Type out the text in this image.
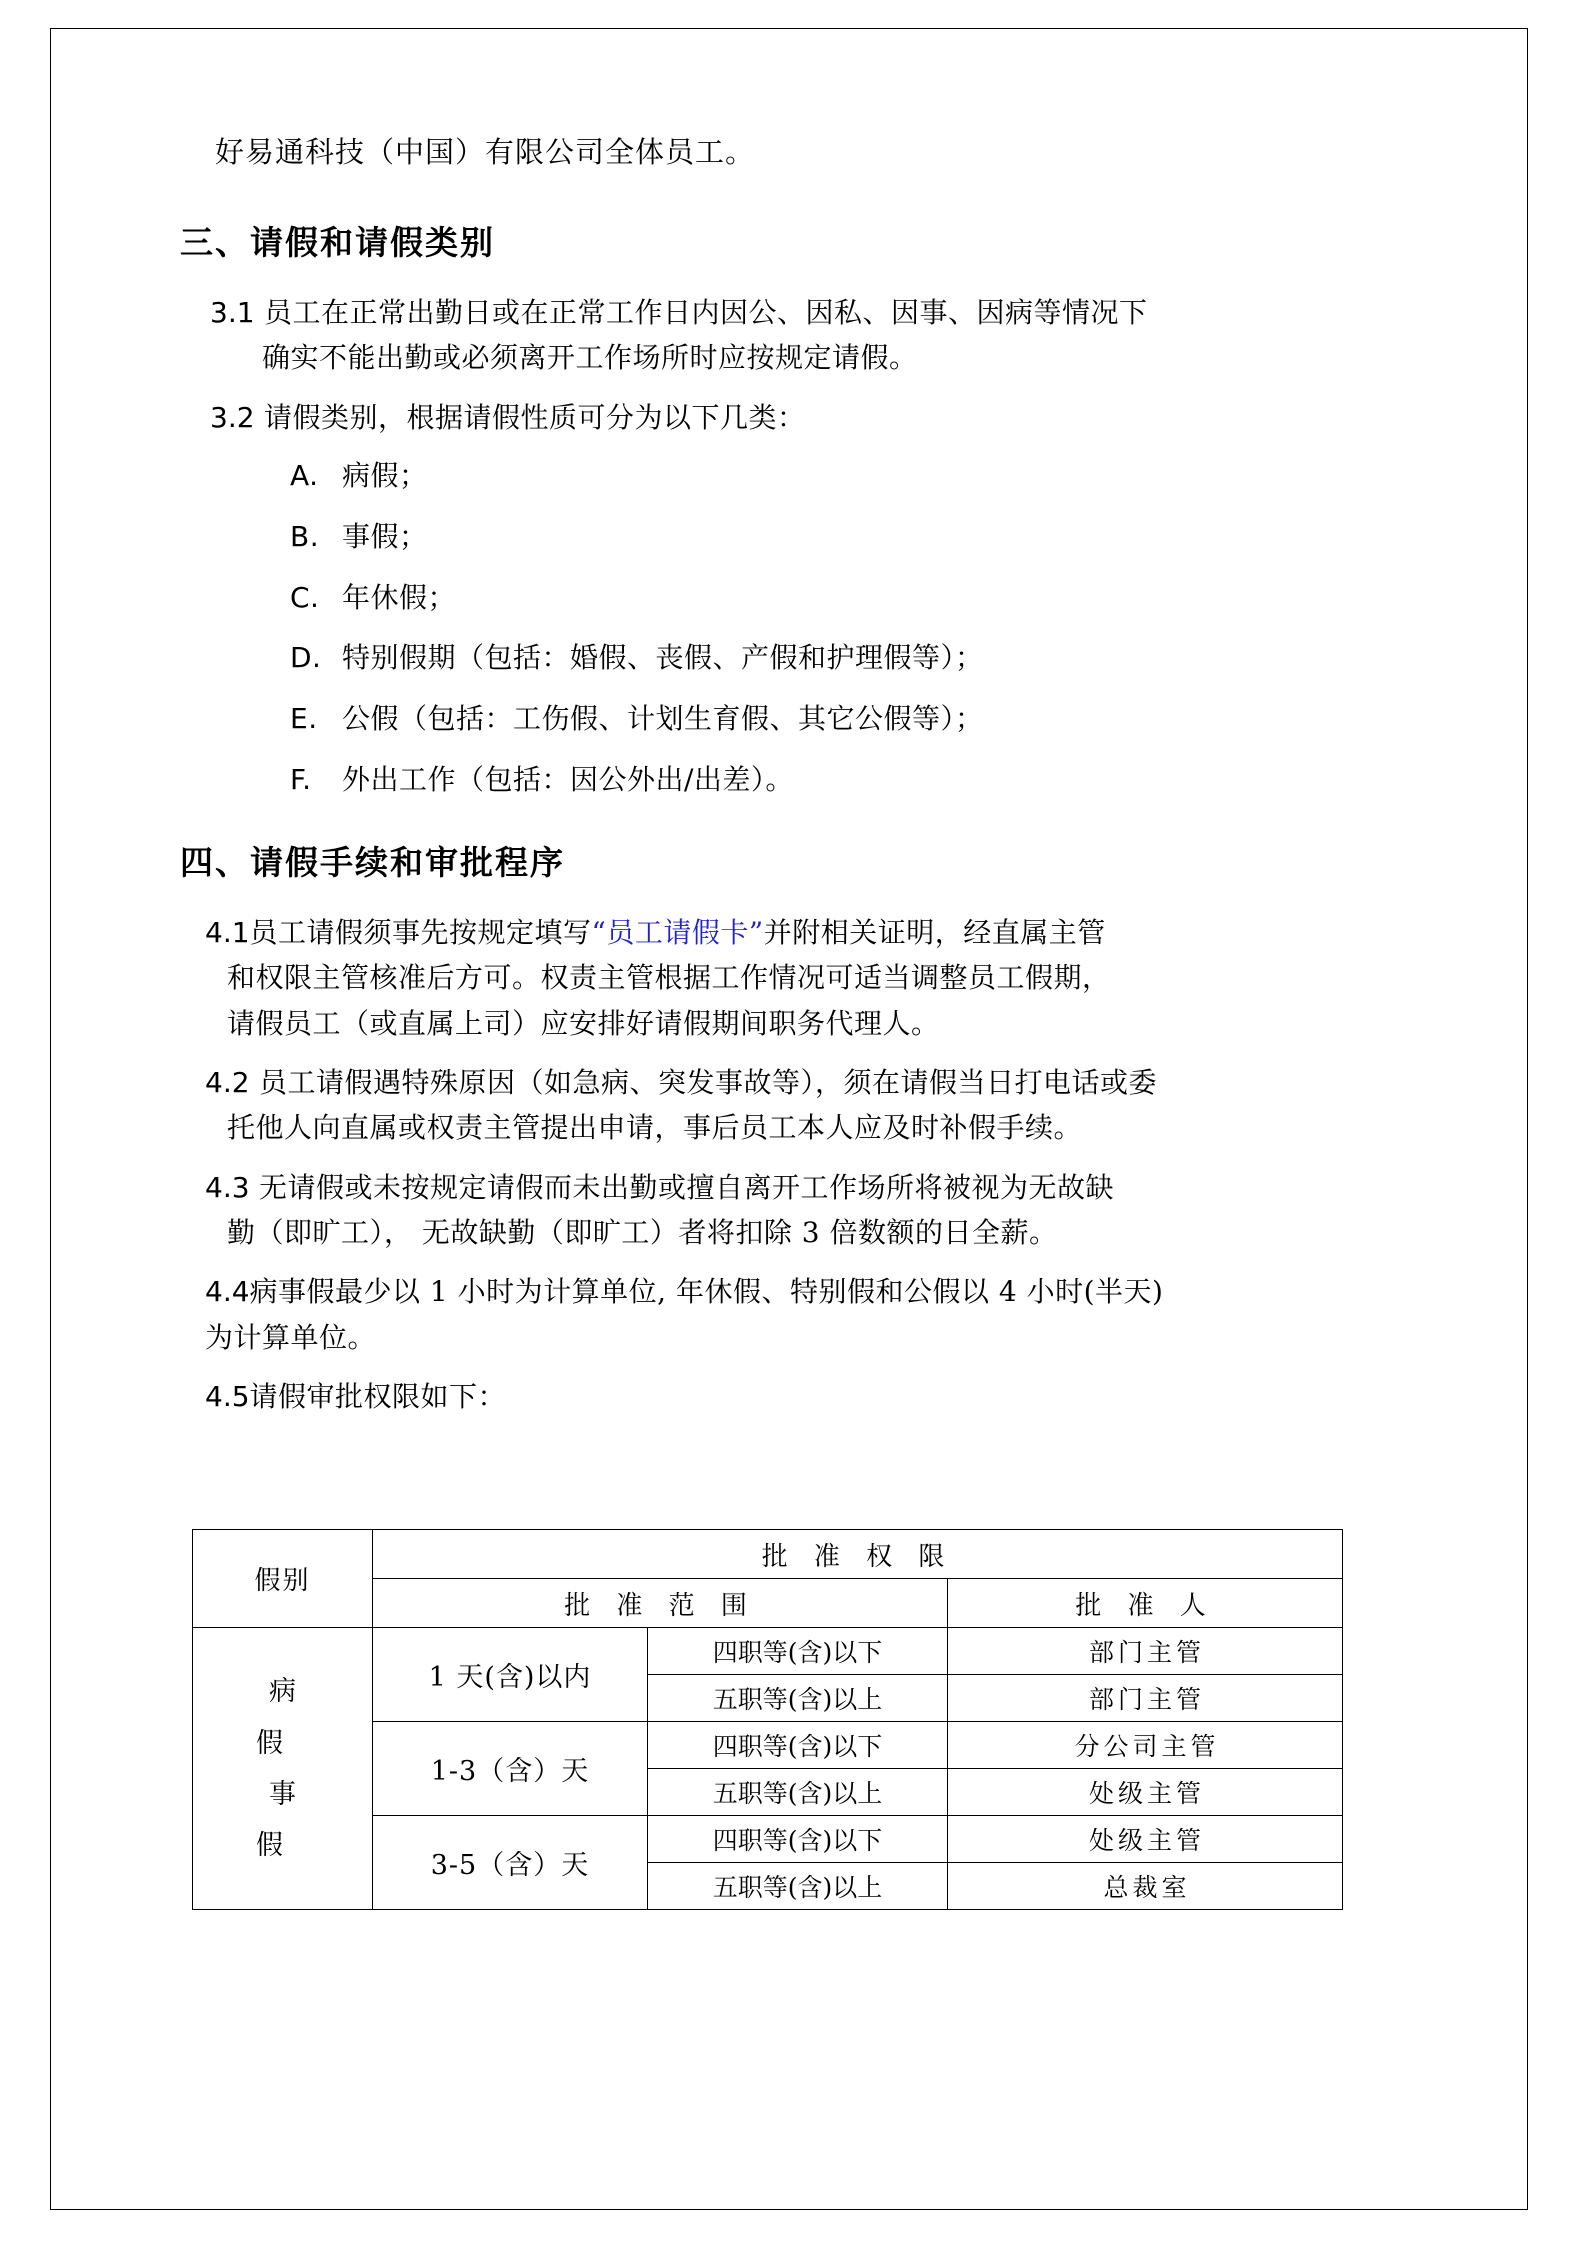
好易通科技（中国）有限公司全体员工。

三、请假和请假类别

3.1 员工在正常出勤日或在正常工作日内因公、因私、因事、因病等情况下
确实不能出勤或必须离开工作场所时应按规定请假。

3.2 请假类别，根据请假性质可分为以下几类：

A. 病假；

B. 事假；

C. 年休假；

D. 特别假期（包括：婚假、丧假、产假和护理假等）；

E. 公假（包括：工伤假、计划生育假、其它公假等）；

F. 外出工作（包括：因公外出/出差）。

四、请假手续和审批程序

4.1员工请假须事先按规定填写“员工请假卡”并附相关证明，经直属主管
和权限主管核准后方可。权责主管根据工作情况可适当调整员工假期，
请假员工（或直属上司）应安排好请假期间职务代理人。

4.2 员工请假遇特殊原因（如急病、突发事故等），须在请假当日打电话或委
托他人向直属或权责主管提出申请，事后员工本人应及时补假手续。

4.3 无请假或未按规定请假而未出勤或擅自离开工作场所将被视为无故缺
勤（即旷工）， 无故缺勤（即旷工）者将扣除 3 倍数额的日全薪。

4.4病事假最少以 1 小时为计算单位, 年休假、特别假和公假以 4 小时(半天)
为计算单位。

4.5请假审批权限如下：

假别	批 准 权 限		
	批 准 范 围		批 准 人

病　假
事　假	1 天(含)以内	四职等(含)以下	部门主管
		五职等(含)以上	部门主管
	1-3（含）天	四职等(含)以下	分公司主管
		五职等(含)以上	处级主管
	3-5（含）天	四职等(含)以下	处级主管
		五职等(含)以上	总裁室
